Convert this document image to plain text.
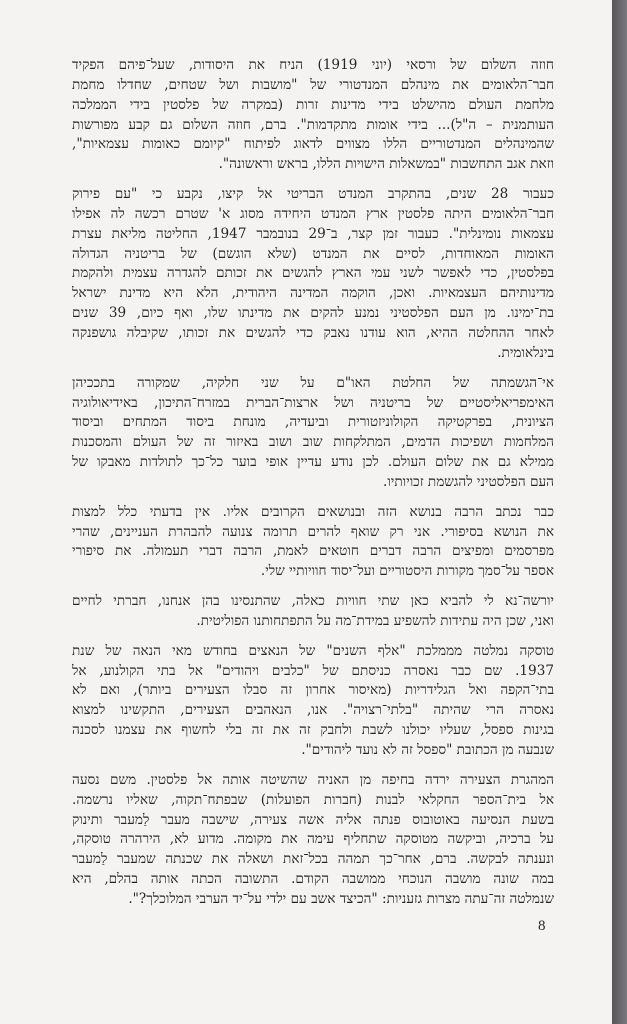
חוזה השלום של ורסאי (יוני 1919) הניח את היסודות, שעל־פיהם הפקיד
חבר־הלאומים את מינהלם המנדטורי של "מושבות ושל שטחים, שחדלו מחמת
מלחמת העולם מהישלט בידי מדינות זרות (במקרה של פלסטין בידי הממלכה
העותמנית – ה"ל)... בידי אומות מתקדמות". ברם, חוזה השלום גם קבע מפורשות
שהמינהלים המנדטוריים הללו מצווים לדאוג לפיתוח "קיומם כאומות עצמאיות",
וזאת אגב התחשבות "במשאלות הישויות הללו, בראש וראשונה".
כעבור 28 שנים, בהתקרב המנדט הבריטי אל קיצו, נקבע כי "עם פירוק
חבר־הלאומים היתה פלסטין ארץ המנדט היחידה מסוג א' שטרם רכשה לה אפילו
עצמאות נומינלית". כעבור זמן קצר, ב־29 בנובמבר 1947, החליטה מליאת עצרת
האומות המאוחדות, לסיים את המנדט (שלא הוגשם) של בריטניה הגדולה
בפלסטין, כדי לאפשר לשני עמי הארץ להגשים את זכותם להגדרה עצמית ולהקמת
מדינותיהם העצמאיות. ואכן, הוקמה המדינה היהודית, הלא היא מדינת ישראל
בת־ימינו. מן העם הפלסטיני נמנע להקים את מדינתו שלו, ואף כיום, 39 שנים
לאחר ההחלטה ההיא, הוא עודנו נאבק כדי להגשים את זכותו, שקיבלה גושפנקה
בינלאומית.
אי־הגשמתה של החלטת האו"ם על שני חלקיה, שמקורה בתככיהן
האימפריאליסטיים של בריטניה ושל ארצות־הברית במזרח־התיכון, באידיאולוגיה
הציונית, בפרקטיקה הקולוניזטורית וביעדיה, מונחת ביסוד המתחים וביסוד
המלחמות ושפיכות הדמים, המתלקחות שוב ושוב באיזור זה של העולם והמסכנות
ממילא גם את שלום העולם. לכן נודע עדיין אופי בוער כל־כך לתולדות מאבקו של
העם הפלסטיני להגשמת זכויותיו.
כבר נכתב הרבה בנושא הזה ובנושאים הקרובים אליו. אין בדעתי כלל למצות
את הנושא בסיפורי. אני רק שואף להרים תרומה צנועה להבהרת העניינים, שהרי
מפרסמים ומפיצים הרבה דברים חוטאים לאמת, הרבה דברי תעמולה. את סיפורי
אספר על־סמך מקורות היסטוריים ועל־יסוד חוויותיי שלי.
יורשה־נא לי להביא כאן שתי חוויות כאלה, שהתנסינו בהן אנחנו, חברתי לחיים
ואני, שכן היה עתידות להשפיע במידת־מה על התפתחותנו הפוליטית.
טוסקה נמלטה מממלכת "אלף השנים" של הנאצים בחודש מאי הנאה של שנת
1937. שם כבר נאסרה כניסתם של "כלבים ויהודים" אל בתי הקולנוע, אל
בתי־הקפה ואל הגלידריות (מאיסור אחרון זה סבלו הצעירים ביותר), ואם לא
נאסרה הרי שהיתה "בלתי־רצויה". אנו, הנאהבים הצעירים, התקשינו למצוא
בגינות ספסל, שעליו יכולנו לשבת ולחבק זה את זה בלי לחשוף את עצמנו לסכנה
שנבעה מן הכתובת "ספסל זה לא נועד ליהודים".
המהגרת הצעירה ירדה בחיפה מן האניה שהשיטה אותה אל פלסטין. משם נסעה
אל בית־הספר החקלאי לבנות (חברות הפועלות) שבפתח־תקוה, שאליו נרשמה.
בשעת הנסיעה באוטובוס פנתה אליה אשה צעירה, שישבה מעבר לַמעבר ותינוק
על ברכיה, וביקשה מטוסקה שתחליף עימה את מקומה. מדוע לא, הירהרה טוסקה,
ונענתה לבקשה. ברם, אחר־כך תמהה בכל־זאת ושאלה את שכנתה שמעבר לַמעבר
במה שונה מושבה הנוכחי ממושבה הקודם. התשובה הכתה אותה בהלם, היא
שנמלטה זה־עתה מצרות גזעניות: "הכיצד אשב עם ילדי על־יד הערבי המלוכלך?".
8
